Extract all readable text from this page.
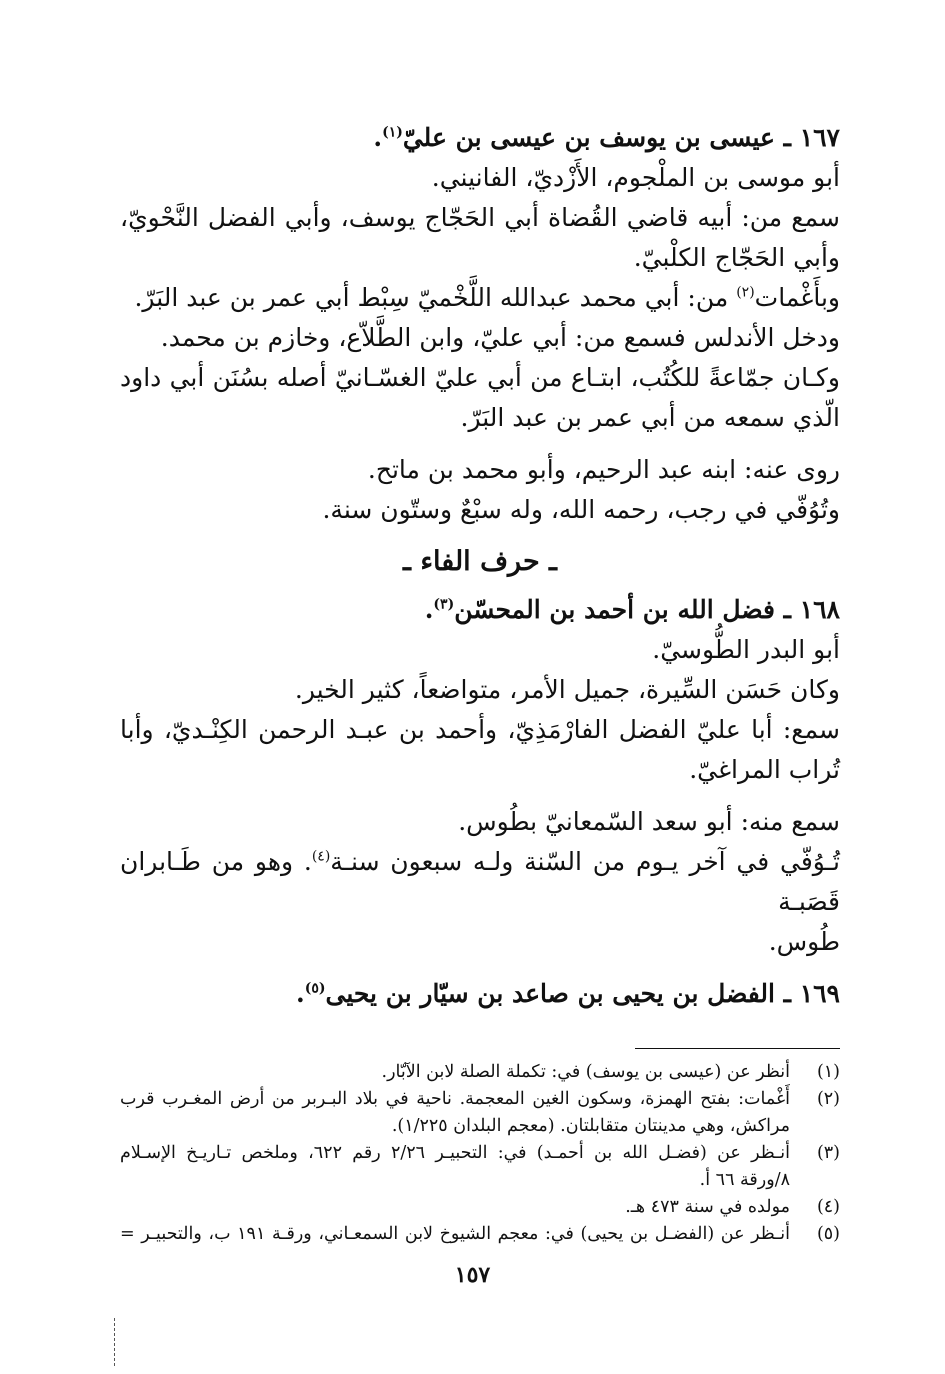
١٦٧ ـ عيسى بن يوسف بن عيسى بن عليّ$^{(١)}$.
أبو موسى بن الملْجوم، الأَزْديّ، الفانيني.
سمع من: أبيه قاضي القُضاة أبي الحَجّاج يوسف، وأبي الفضل النَّحْويّ،
وأبي الحَجّاج الكلْبيّ.
وبأَغْمات$^{(٢)}$ من: أبي محمد عبدالله اللَّخْميّ سِبْط أبي عمر بن عبد البَرّ.
ودخل الأندلس فسمع من: أبي عليّ، وابن الطَّلاّع، وخازم بن محمد.
وكـان جمّاعةً للكُتُب، ابتـاع من أبي عليّ الغسّـانيّ أصله بسُنَن أبي داود
الّذي سمعه من أبي عمر بن عبد البَرّ.
روى عنه: ابنه عبد الرحيم، وأبو محمد بن ماتح.
وتُوُفّي في رجب، رحمه الله، وله سبْعٌ وستّون سنة.
ـ حرف الفاء ـ
١٦٨ ـ فضل الله بن أحمد بن المحسّن$^{(٣)}$.
أبو البدر الطُّوسيّ.
وكان حَسَن السِّيرة، جميل الأمر، متواضعاً، كثير الخير.
سمع: أبا عليّ الفضل الفارْمَذِيّ، وأحمد بن عبـد الرحمن الكِنْـديّ، وأبا
تُراب المراغيّ.
سمع منه: أبو سعد السّمعانيّ بطُوس.
تُـوُفّي في آخر يـوم من السّنة ولـه سبعون سنـة$^{(٤)}$. وهو من طَـابران قَصَبـة
طُوس.
١٦٩ ـ الفضل بن يحيى بن صاعد بن سيّار بن يحيى$^{(٥)}$.
(١)
أنظر عن (عيسى بن يوسف) في: تكملة الصلة لابن الآبّار.
(٢)
أَغْمات: بفتح الهمزة، وسكون الغين المعجمة. ناحية في بلاد البـربر من أرض المغـرب قرب
مراكش، وهي مدينتان متقابلتان. (معجم البلدان ١/٢٢٥).
(٣)
أنـظر عن (فضـل الله بن أحمـد) في: التحبيـر ٢/٢٦ رقم ٦٢٢، وملخص تـاريـخ الإسـلام
٨/ورقة ٦٦ أ.
(٤)
مولده في سنة ٤٧٣ هـ.
(٥)
أنـظر عن (الفضـل بن يحيى) في: معجم الشيوخ لابن السمعـاني، ورقـة ١٩١ ب، والتحبيـر =
١٥٧
